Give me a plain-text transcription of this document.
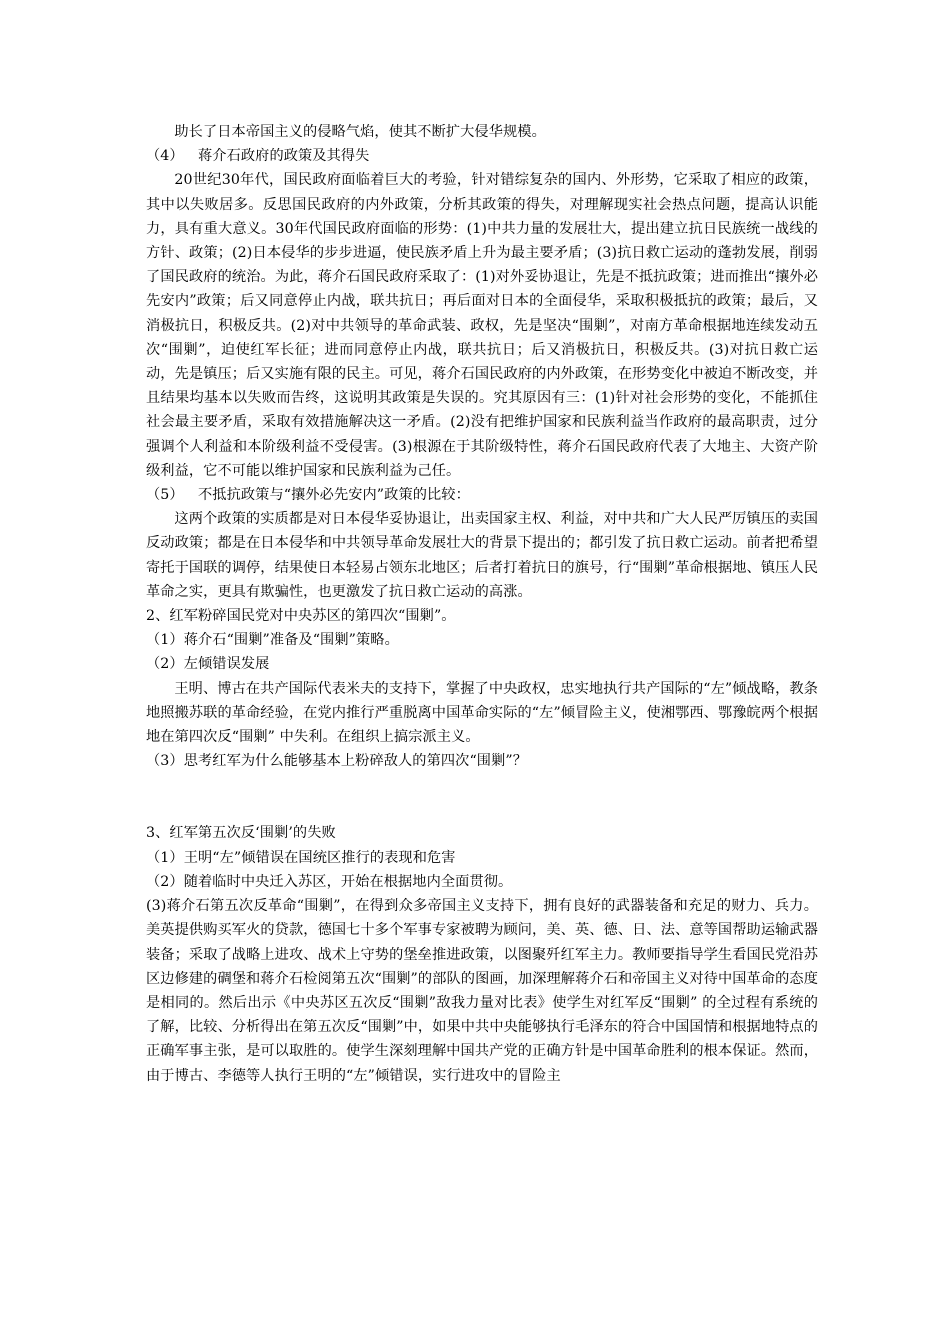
助长了日本帝国主义的侵略气焰，使其不断扩大侵华规模。

（4） 蒋介石政府的政策及其得失

20世纪30年代，国民政府面临着巨大的考验，针对错综复杂的国内、外形势，它采取了相应的政策，其中以失败居多。反思国民政府的内外政策，分析其政策的得失，对理解现实社会热点问题，提高认识能力，具有重大意义。30年代国民政府面临的形势：(1)中共力量的发展壮大，提出建立抗日民族统一战线的方针、政策；(2)日本侵华的步步进逼，使民族矛盾上升为最主要矛盾；(3)抗日救亡运动的蓬勃发展，削弱了国民政府的统治。为此，蒋介石国民政府采取了：(1)对外妥协退让，先是不抵抗政策；进而推出“攘外必先安内”政策；后又同意停止内战，联共抗日；再后面对日本的全面侵华，采取积极抵抗的政策；最后，又消极抗日，积极反共。(2)对中共领导的革命武装、政权，先是坚决“围剿”，对南方革命根据地连续发动五次“围剿”，迫使红军长征；进而同意停止内战，联共抗日；后又消极抗日，积极反共。(3)对抗日救亡运动，先是镇压；后又实施有限的民主。可见，蒋介石国民政府的内外政策，在形势变化中被迫不断改变，并且结果均基本以失败而告终，这说明其政策是失误的。究其原因有三：(1)针对社会形势的变化，不能抓住社会最主要矛盾，采取有效措施解决这一矛盾。(2)没有把维护国家和民族利益当作政府的最高职责，过分强调个人利益和本阶级利益不受侵害。(3)根源在于其阶级特性，蒋介石国民政府代表了大地主、大资产阶级利益，它不可能以维护国家和民族利益为己任。

（5） 不抵抗政策与“攘外必先安内”政策的比较：

这两个政策的实质都是对日本侵华妥协退让，出卖国家主权、利益，对中共和广大人民严厉镇压的卖国反动政策；都是在日本侵华和中共领导革命发展壮大的背景下提出的；都引发了抗日救亡运动。前者把希望寄托于国联的调停，结果使日本轻易占领东北地区；后者打着抗日的旗号，行“围剿”革命根据地、镇压人民革命之实，更具有欺骗性，也更激发了抗日救亡运动的高涨。

2、红军粉碎国民党对中央苏区的第四次“围剿”。

（1）蒋介石“围剿”准备及“围剿”策略。

（2）左倾错误发展

王明、博古在共产国际代表米夫的支持下，掌握了中央政权，忠实地执行共产国际的“左”倾战略，教条地照搬苏联的革命经验，在党内推行严重脱离中国革命实际的“左”倾冒险主义，使湘鄂西、鄂豫皖两个根据地在第四次反“围剿” 中失利。在组织上搞宗派主义。

（3）思考红军为什么能够基本上粉碎敌人的第四次“围剿”？

3、红军第五次反‘围剿’的失败

（1）王明“左”倾错误在国统区推行的表现和危害

（2）随着临时中央迁入苏区，开始在根据地内全面贯彻。

(3)蒋介石第五次反革命“围剿”，在得到众多帝国主义支持下，拥有良好的武器装备和充足的财力、兵力。美英提供购买军火的贷款，德国七十多个军事专家被聘为顾问，美、英、德、日、法、意等国帮助运输武器装备；采取了战略上进攻、战术上守势的堡垒推进政策，以图聚歼红军主力。教师要指导学生看国民党沿苏区边修建的碉堡和蒋介石检阅第五次“围剿”的部队的图画，加深理解蒋介石和帝国主义对待中国革命的态度是相同的。然后出示《中央苏区五次反“围剿”敌我力量对比表》使学生对红军反“围剿” 的全过程有系统的了解，比较、分析得出在第五次反“围剿”中，如果中共中央能够执行毛泽东的符合中国国情和根据地特点的正确军事主张，是可以取胜的。使学生深刻理解中国共产党的正确方针是中国革命胜利的根本保证。然而，由于博古、李德等人执行王明的“左”倾错误，实行进攻中的冒险主
